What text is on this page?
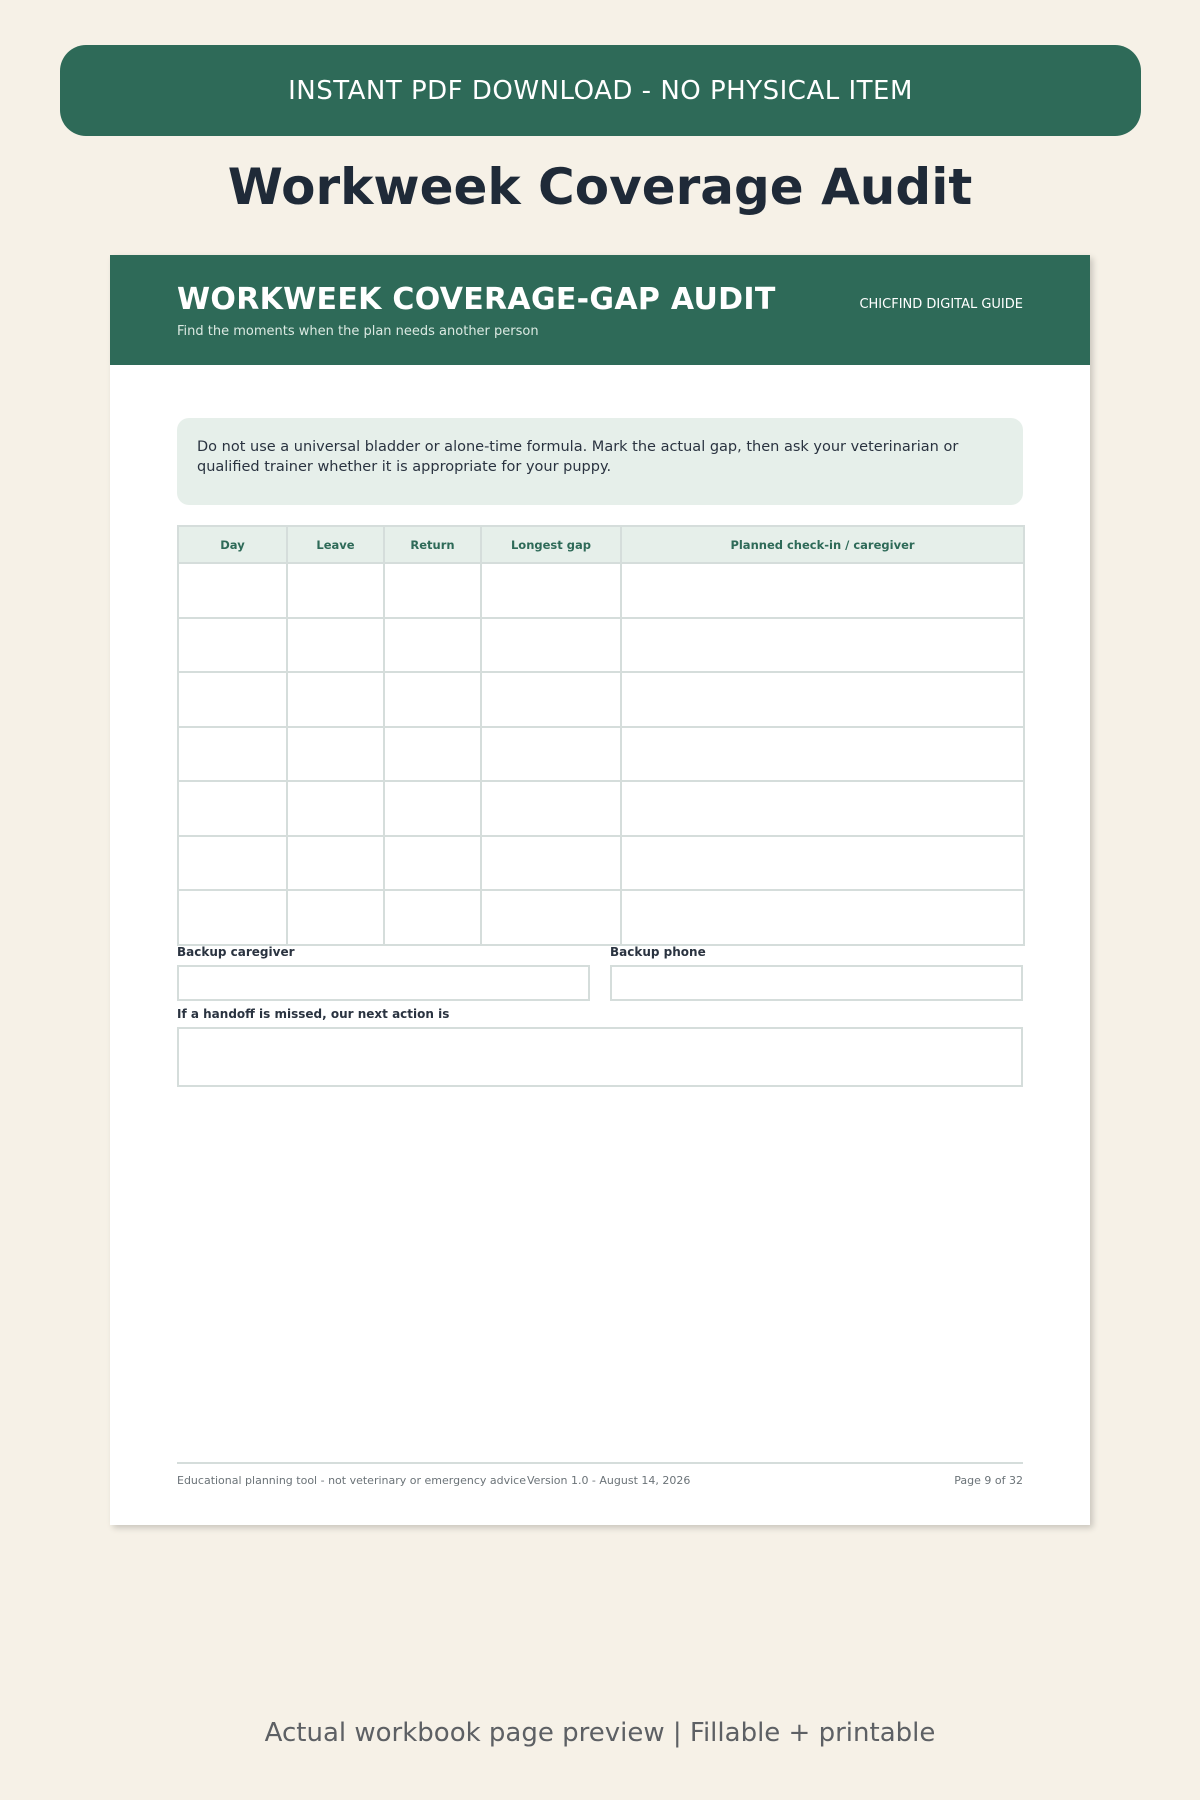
INSTANT PDF DOWNLOAD - NO PHYSICAL ITEM
Workweek Coverage Audit
WORKWEEK COVERAGE-GAP AUDIT
Find the moments when the plan needs another person
CHICFIND DIGITAL GUIDE
Do not use a universal bladder or alone-time formula. Mark the actual gap, then ask your veterinarian or qualified trainer whether it is appropriate for your puppy.
Day	Leave	Return	Longest gap	Planned check-in / caregiver

Backup caregiver	Backup phone
If a handoff is missed, our next action is
Educational planning tool - not veterinary or emergency advice Version 1.0 - August 14, 2026	Page 9 of 32
Actual workbook page preview | Fillable + printable
